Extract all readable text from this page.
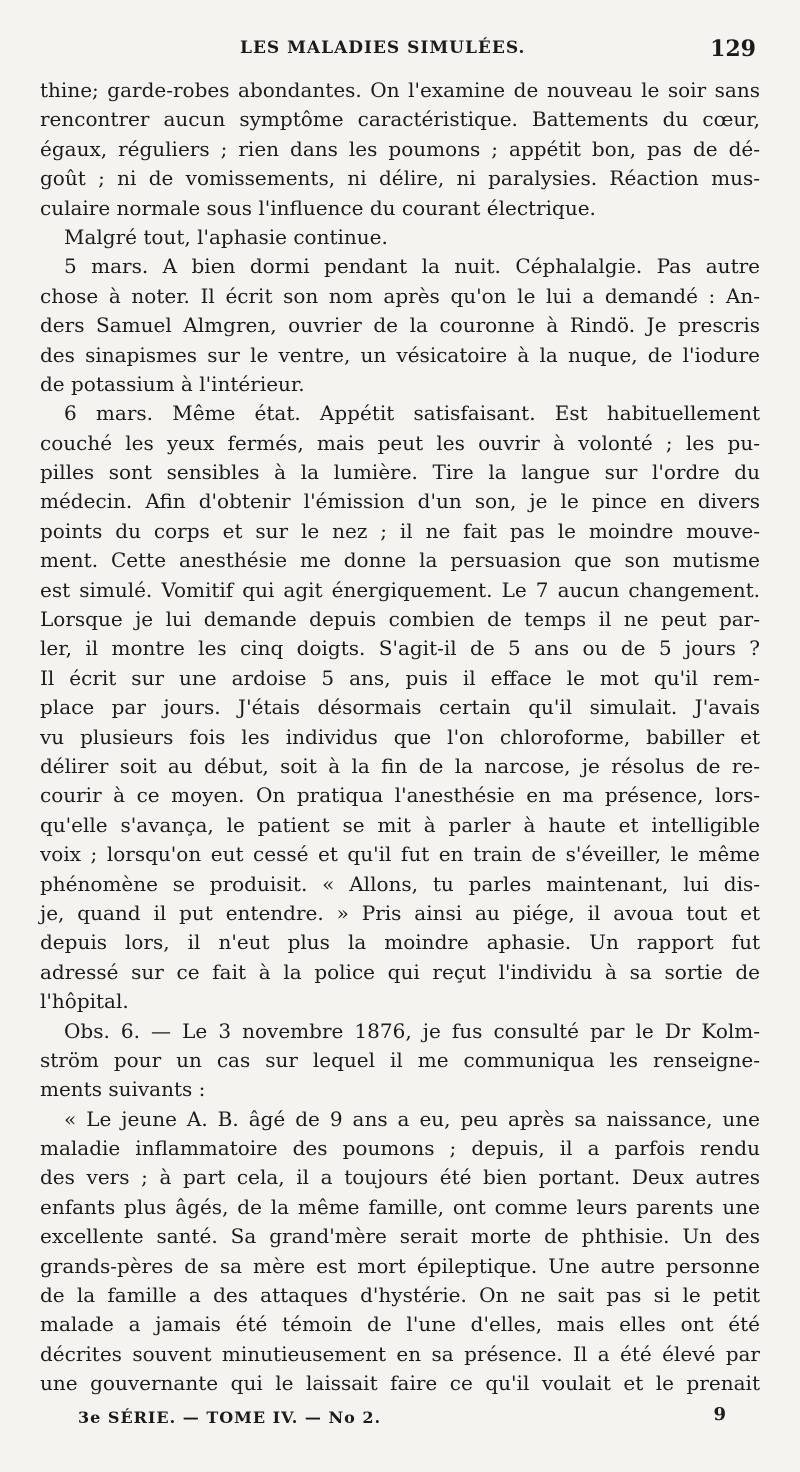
LES MALADIES SIMULÉES.	129
thine; garde-robes abondantes. On l'examine de nouveau le soir sans
rencontrer aucun symptôme caractéristique. Battements du cœur,
égaux, réguliers ; rien dans les poumons ; appétit bon, pas de dé-
goût ; ni de vomissements, ni délire, ni paralysies. Réaction mus-
culaire normale sous l'influence du courant électrique.
Malgré tout, l'aphasie continue.
5 mars. A bien dormi pendant la nuit. Céphalalgie. Pas autre
chose à noter. Il écrit son nom après qu'on le lui a demandé : An-
ders Samuel Almgren, ouvrier de la couronne à Rindö. Je prescris
des sinapismes sur le ventre, un vésicatoire à la nuque, de l'iodure
de potassium à l'intérieur.
6 mars. Même état. Appétit satisfaisant. Est habituellement
couché les yeux fermés, mais peut les ouvrir à volonté ; les pu-
pilles sont sensibles à la lumière. Tire la langue sur l'ordre du
médecin. Afin d'obtenir l'émission d'un son, je le pince en divers
points du corps et sur le nez ; il ne fait pas le moindre mouve-
ment. Cette anesthésie me donne la persuasion que son mutisme
est simulé. Vomitif qui agit énergiquement. Le 7 aucun changement.
Lorsque je lui demande depuis combien de temps il ne peut par-
ler, il montre les cinq doigts. S'agit-il de 5 ans ou de 5 jours ?
Il écrit sur une ardoise 5 ans, puis il efface le mot qu'il rem-
place par jours. J'étais désormais certain qu'il simulait. J'avais
vu plusieurs fois les individus que l'on chloroforme, babiller et
délirer soit au début, soit à la fin de la narcose, je résolus de re-
courir à ce moyen. On pratiqua l'anesthésie en ma présence, lors-
qu'elle s'avança, le patient se mit à parler à haute et intelligible
voix ; lorsqu'on eut cessé et qu'il fut en train de s'éveiller, le même
phénomène se produisit. « Allons, tu parles maintenant, lui dis-
je, quand il put entendre. » Pris ainsi au piége, il avoua tout et
depuis lors, il n'eut plus la moindre aphasie. Un rapport fut
adressé sur ce fait à la police qui reçut l'individu à sa sortie de
l'hôpital.
Obs. 6. — Le 3 novembre 1876, je fus consulté par le Dr Kolm-
ström pour un cas sur lequel il me communiqua les renseigne-
ments suivants :
« Le jeune A. B. âgé de 9 ans a eu, peu après sa naissance, une
maladie inflammatoire des poumons ; depuis, il a parfois rendu
des vers ; à part cela, il a toujours été bien portant. Deux autres
enfants plus âgés, de la même famille, ont comme leurs parents une
excellente santé. Sa grand'mère serait morte de phthisie. Un des
grands-pères de sa mère est mort épileptique. Une autre personne
de la famille a des attaques d'hystérie. On ne sait pas si le petit
malade a jamais été témoin de l'une d'elles, mais elles ont été
décrites souvent minutieusement en sa présence. Il a été élevé par
une gouvernante qui le laissait faire ce qu'il voulait et le prenait
3e SÉRIE. — TOME IV. — No 2.	9
